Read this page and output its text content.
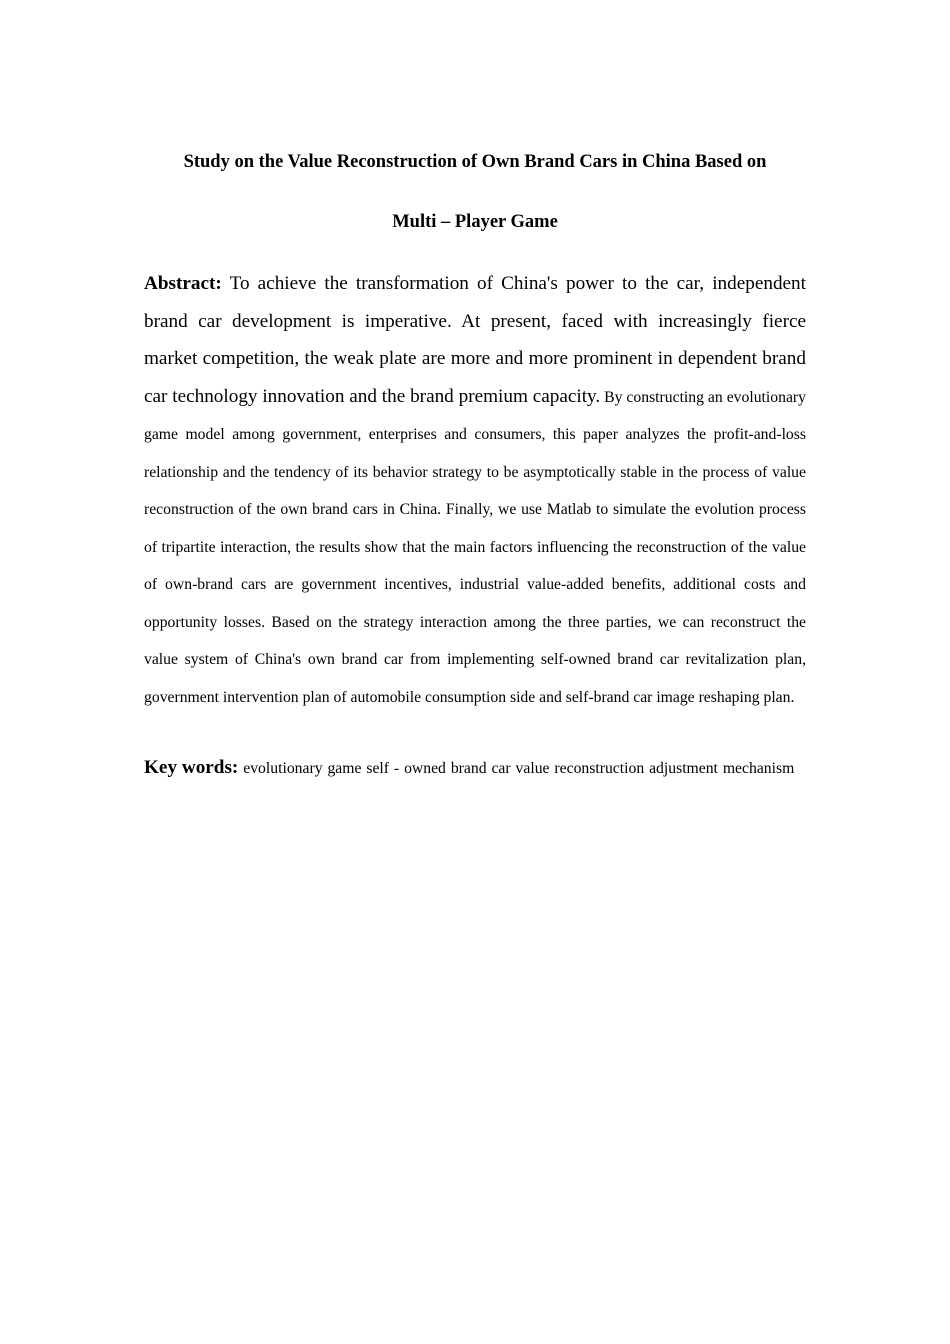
Study on the Value Reconstruction of Own Brand Cars in China Based on
Multi – Player Game
Abstract: To achieve the transformation of China's power to the car, independent brand car development is imperative. At present, faced with increasingly fierce market competition, the weak plate are more and more prominent in dependent brand car technology innovation and the brand premium capacity. By constructing an evolutionary game model among government, enterprises and consumers, this paper analyzes the profit-and-loss relationship and the tendency of its behavior strategy to be asymptotically stable in the process of value reconstruction of the own brand cars in China. Finally, we use Matlab to simulate the evolution process of tripartite interaction, the results show that the main factors influencing the reconstruction of the value of own-brand cars are government incentives, industrial value-added benefits, additional costs and opportunity losses. Based on the strategy interaction among the three parties, we can reconstruct the value system of China's own brand car from implementing self-owned brand car revitalization plan, government intervention plan of automobile consumption side and self-brand car image reshaping plan.
Key words: evolutionary game self - owned brand car value reconstruction adjustment mechanism
